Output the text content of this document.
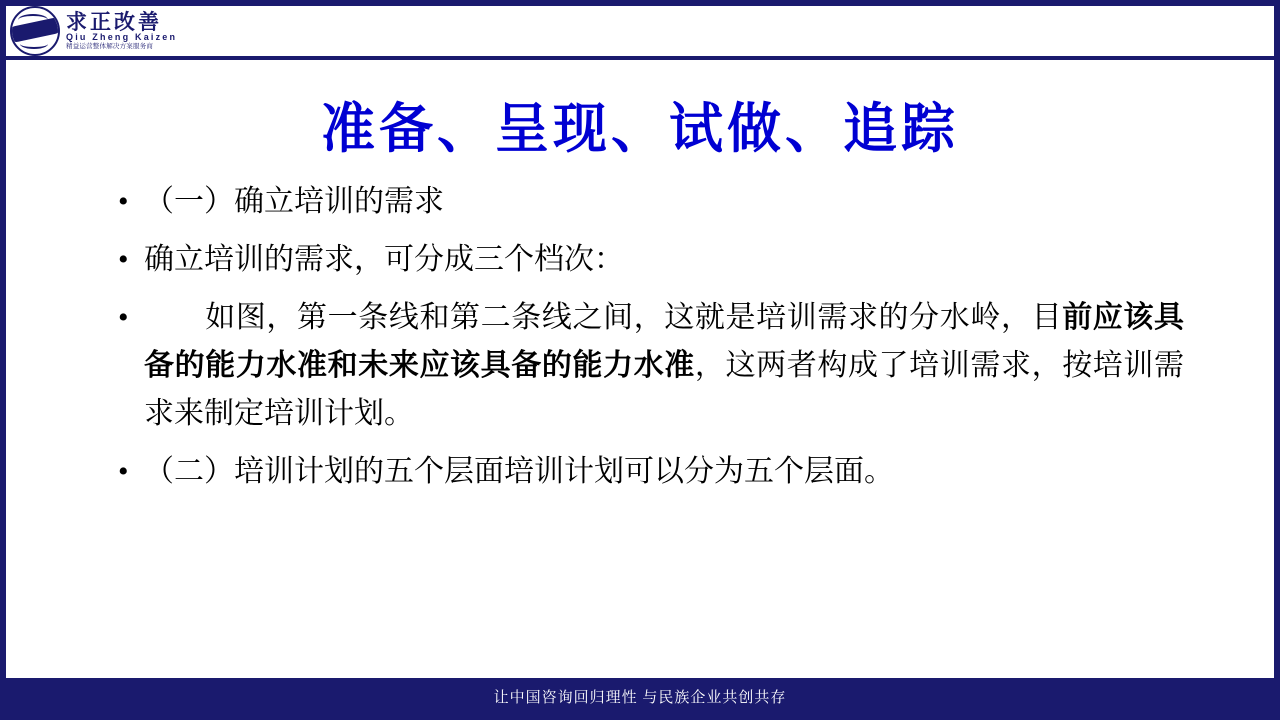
求正改善
Qiu Zheng Kaizen
精益运营整体解决方案服务商
准备、呈现、试做、追踪
• （一）确立培训的需求
• 确立培训的需求，可分成三个档次：
• 　　如图，第一条线和第二条线之间，这就是培训需求的分水岭，目前应该具备的能力水准和未来应该具备的能力水准，这两者构成了培训需求，按培训需求来制定培训计划。
• （二）培训计划的五个层面培训计划可以分为五个层面。
让中国咨询回归理性 与民族企业共创共存
